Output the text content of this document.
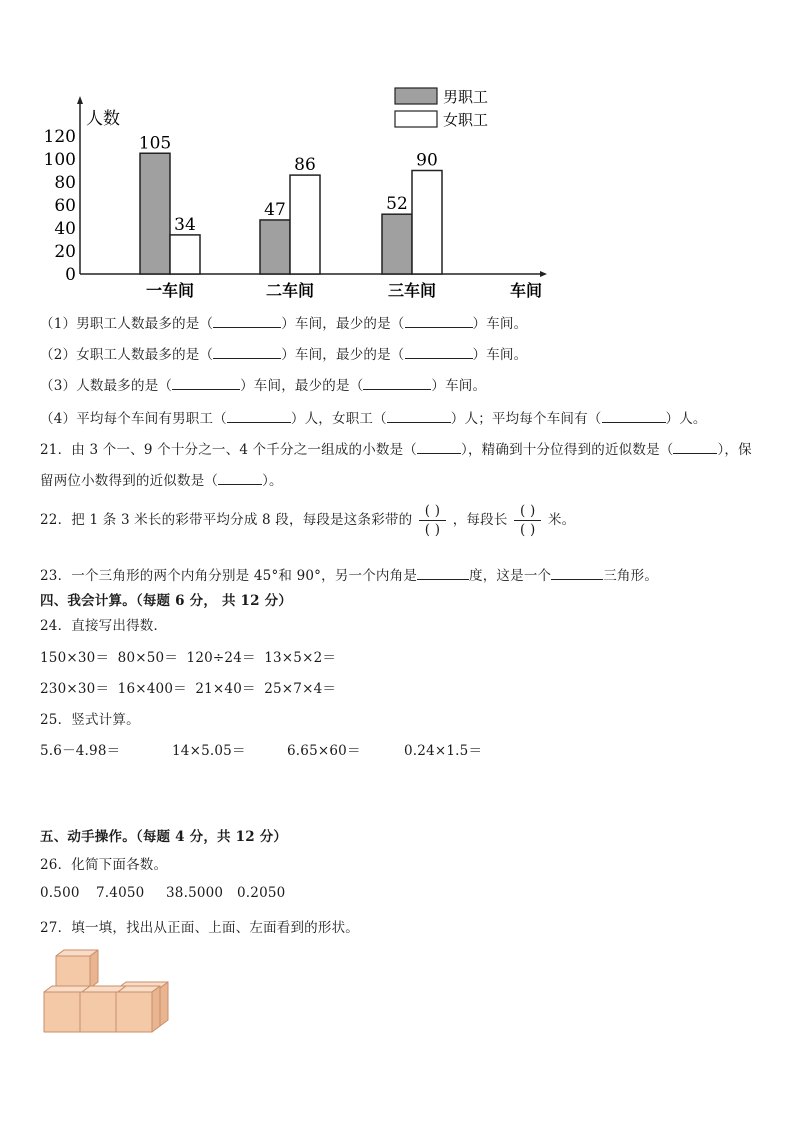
人数
车间
0
20
40
60
80
100
120	105
34
一车间
47
86
二车间
52
90
三车间
男职工
女职工
（1）男职工人数最多的是（	）车间，最少的是（	）车间。
（2）女职工人数最多的是（	）车间，最少的是（	）车间。
（3）人数最多的是（	）车间，最少的是（	）车间。
（4）平均每个车间有男职工（	）人，女职工（	）人；平均每个车间有（	）人。
21．由 3 个一、9 个十分之一、4 个千分之一组成的小数是（	），精确到十分位得到的近似数是（	），保
留两位小数得到的近似数是（	）。
22．把 1 条 3 米长的彩带平均分成 8 段，每段是这条彩带的 $\frac{( )}{( )}$ ，每段长 $\frac{( )}{( )}$ 米。
23．一个三角形的两个内角分别是 45°和 90°，另一个内角是	度，这是一个	三角形。
四、我会计算。（每题 6 分， 共 12 分）
24．直接写出得数．
150×30＝ 80×50＝ 120÷24＝ 13×5×2＝
230×30＝ 16×400＝ 21×40＝ 25×7×4＝
25．竖式计算。
5.6－4.98＝	14×5.05＝	6.65×60＝	0.24×1.5＝
五、动手操作。（每题 4 分，共 12 分）
26．化简下面各数。
0.500 7.4050 38.5000 0.2050
27．填一填，找出从正面、上面、左面看到的形状。
